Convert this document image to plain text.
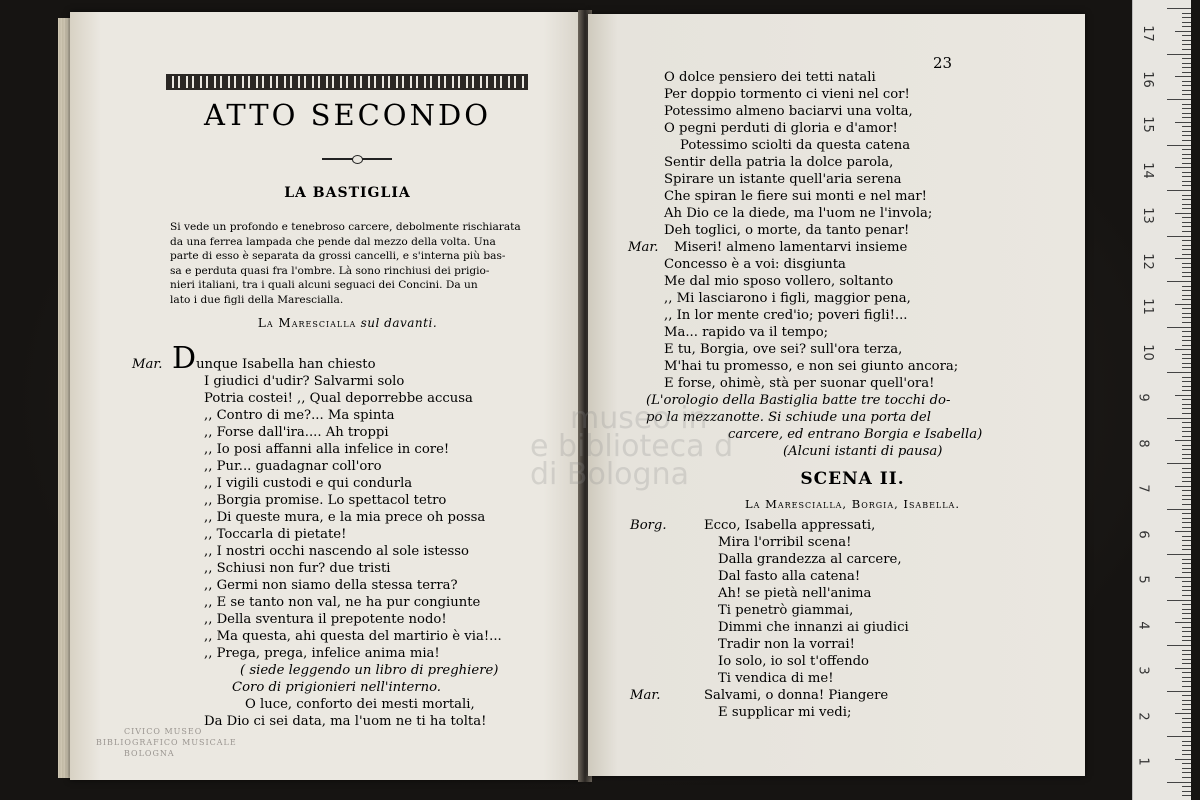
ATTO SECONDO
LA BASTIGLIA
Si vede un profondo e tenebroso carcere, debolmente rischiarata
da una ferrea lampada che pende dal mezzo della volta. Una
parte di esso è separata da grossi cancelli, e s'interna più bas-
sa e perduta quasi fra l'ombre. Là sono rinchiusi dei prigio-
nieri italiani, tra i quali alcuni seguaci dei Concini. Da un
lato i due figli della Marescialla.
La Marescialla sul davanti.
Mar. Dunque Isabella han chiesto
I giudici d'udir? Salvarmi solo
Potria costei! ,, Qual deporrebbe accusa
,, Contro di me?... Ma spinta
,, Forse dall'ira.... Ah troppi
,, Io posi affanni alla infelice in core!
,, Pur... guadagnar coll'oro
,, I vigili custodi e qui condurla
,, Borgia promise. Lo spettacol tetro
,, Di queste mura, e la mia prece oh possa
,, Toccarla di pietate!
,, I nostri occhi nascendo al sole istesso
,, Schiusi non fur? due tristi
,, Germi non siamo della stessa terra?
,, E se tanto non val, ne ha pur congiunte
,, Della sventura il prepotente nodo!
,, Ma questa, ahi questa del martirio è via!...
,, Prega, prega, infelice anima mia!
( siede leggendo un libro di preghiere)
Coro di prigionieri nell'interno.
O luce, conforto dei mesti mortali,
Da Dio ci sei data, ma l'uom ne ti ha tolta!
CIVICO MUSEO
BIBLIOGRAFICO MUSICALE
BOLOGNA
23
O dolce pensiero dei tetti natali
Per doppio tormento ci vieni nel cor!
Potessimo almeno baciarvi una volta,
O pegni perduti di gloria e d'amor!
Potessimo sciolti da questa catena
Sentir della patria la dolce parola,
Spirare un istante quell'aria serena
Che spiran le fiere sui monti e nel mar!
Ah Dio ce la diede, ma l'uom ne l'invola;
Deh toglici, o morte, da tanto penar!
Mar. Miseri! almeno lamentarvi insieme
Concesso è a voi: disgiunta
Me dal mio sposo vollero, soltanto
,, Mi lasciarono i figli, maggior pena,
,, In lor mente cred'io; poveri figli!...
Ma... rapido va il tempo;
E tu, Borgia, ove sei? sull'ora terza,
M'hai tu promesso, e non sei giunto ancora;
E forse, ohimè, stà per suonar quell'ora!
(L'orologio della Bastiglia batte tre tocchi do-
po la mezzanotte. Si schiude una porta del
carcere, ed entrano Borgia e Isabella)
(Alcuni istanti di pausa)
SCENA II.
La Marescialla, Borgia, Isabella.
Borg.	Ecco, Isabella appressati,
Mira l'orribil scena!
Dalla grandezza al carcere,
Dal fasto alla catena!
Ah! se pietà nell'anima
Ti penetrò giammai,
Dimmi che innanzi ai giudici
Tradir non la vorrai!
Io solo, io sol t'offendo
Ti vendica di me!
Mar.	Salvami, o donna! Piangere
E supplicar mi vedi;
museo in
e biblioteca d
di Bologna
17
16
15
14
13
12
11
10
9
8
7
6
5
4
3
2
1
